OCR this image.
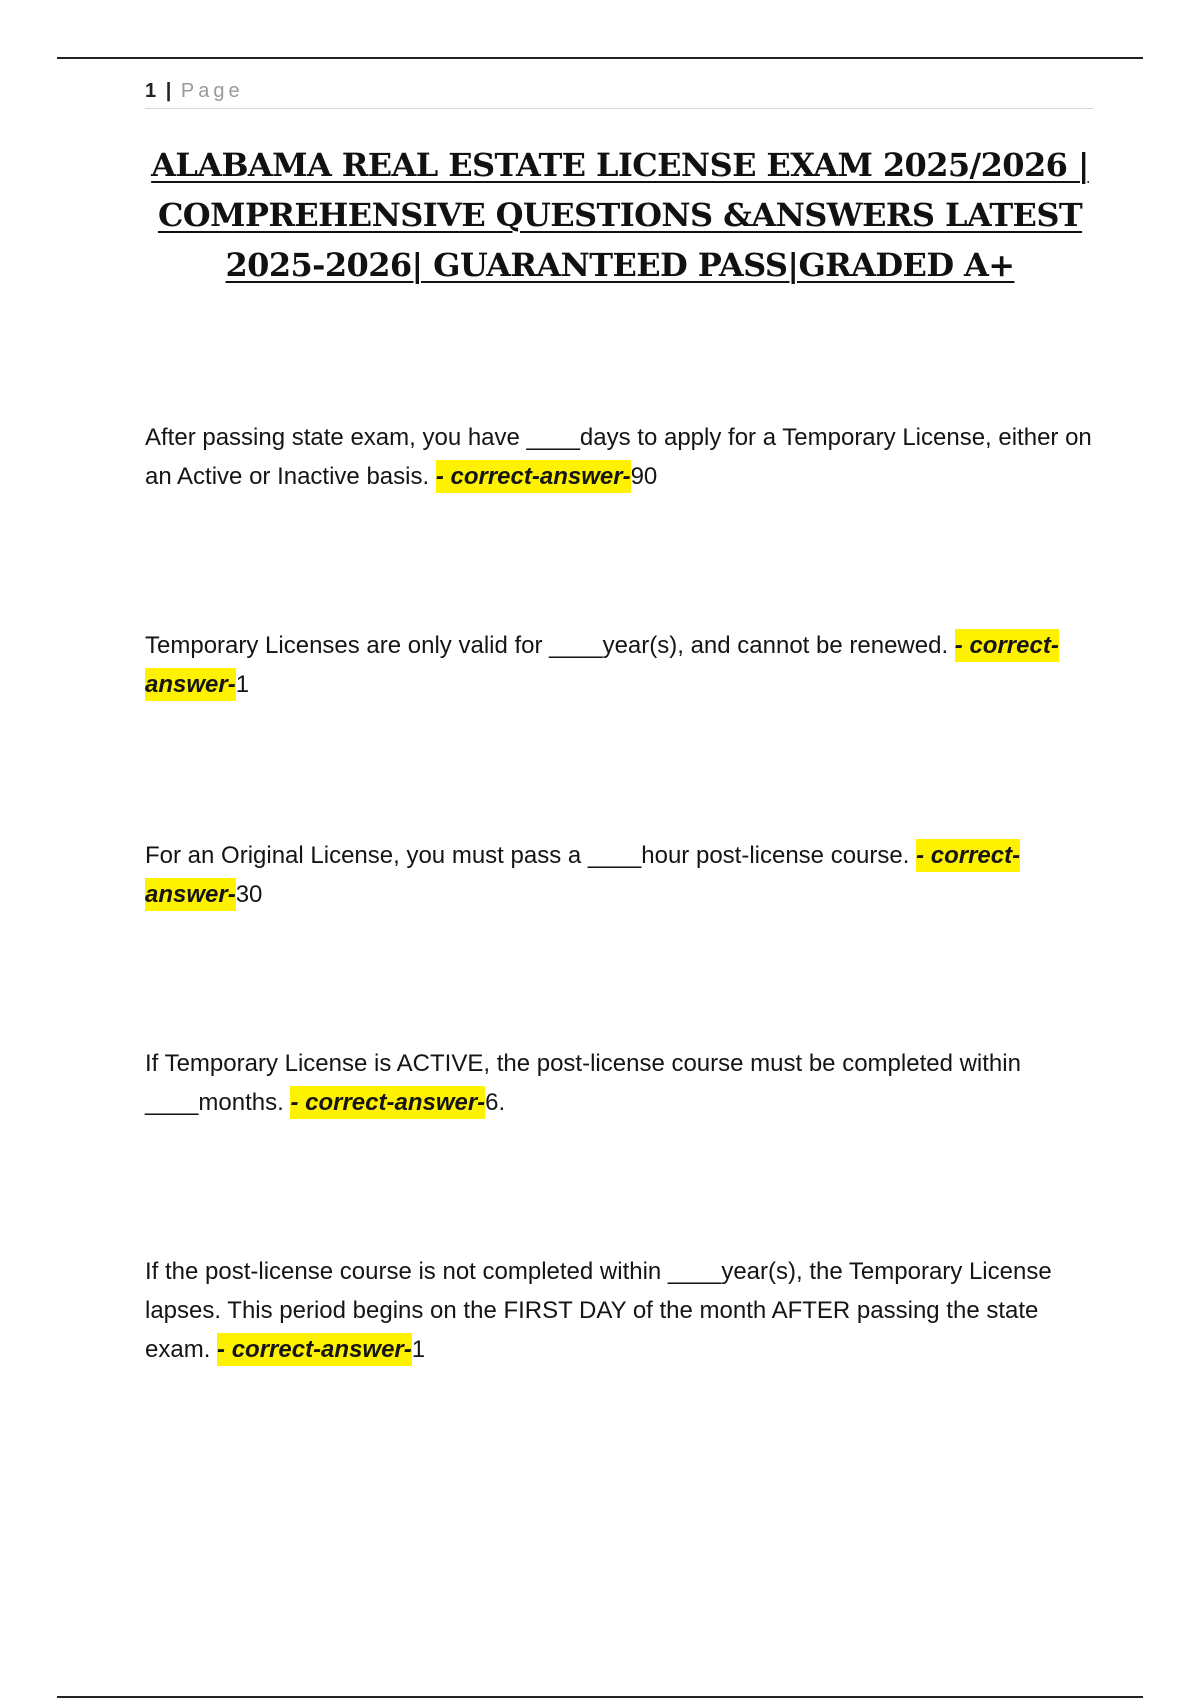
1 | Page
ALABAMA REAL ESTATE LICENSE EXAM 2025/2026 | COMPREHENSIVE QUESTIONS &ANSWERS LATEST 2025-2026| GUARANTEED PASS|GRADED A+

After passing state exam, you have ____days to apply for a Temporary License, either on an Active or Inactive basis. - correct-answer-90

Temporary Licenses are only valid for ____year(s), and cannot be renewed. - correct-answer-1

For an Original License, you must pass a ____hour post-license course. - correct-answer-30

If Temporary License is ACTIVE, the post-license course must be completed within ____months. - correct-answer-6.

If the post-license course is not completed within ____year(s), the Temporary License lapses. This period begins on the FIRST DAY of the month AFTER passing the state exam. - correct-answer-1
